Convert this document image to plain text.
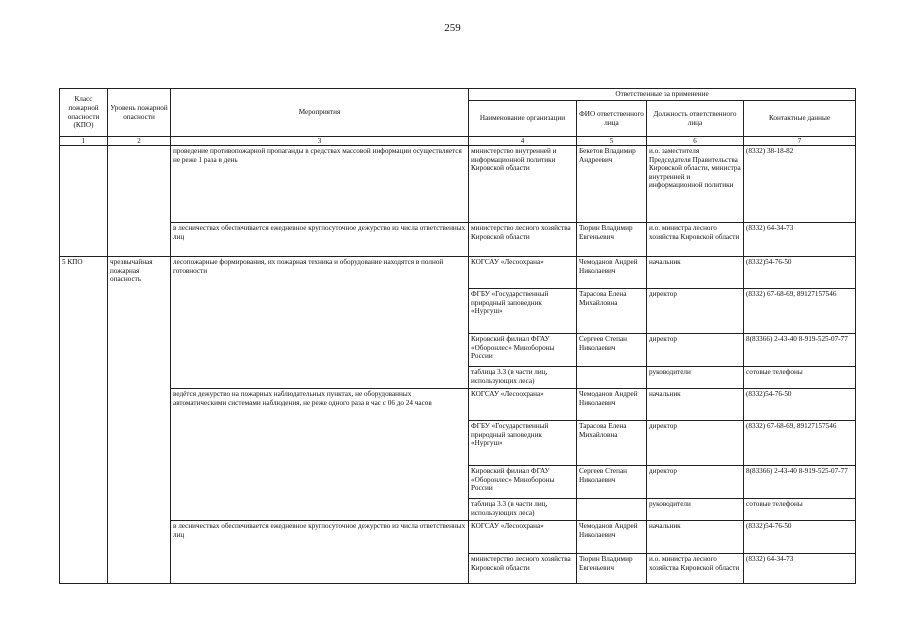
259
Класс пожарной опасности (КПО)	Уровень пожарной опасности	Мероприятия	Ответственные за применение			
			Наименование организации	ФИО ответственного лица	Должность ответственного лица	Контактные данные
1	2	3	4	5	6	7
		проведение противопожарной пропаганды в средствах массовой информации осуществляется не реже 1 раза в день	министерство внутренней и информационной политики Кировской области	Бекетов Владимир Андреевич	и.о. заместителя Председателя Правительства Кировской области, министра внутренней и информационной политики	(8332) 38-18-82
		в лесничествах обеспечивается ежедневное круглосуточное дежурство из числа ответственных лиц	министерство лесного хозяйства Кировской области	Тюрин Владимир Евгеньевич	и.о. министра лесного хозяйства Кировской области	(8332) 64-34-73
5 КПО	чрезвычайная пожарная опасность	лесопожарные формирования, их пожарная техника и оборудование находятся в полной готовности	КОГСАУ «Лесоохрана»	Чемоданов Андрей Николаевич	начальник	(8332)54-76-50
			ФГБУ «Государственный природный заповедник «Нургуш»	Тарасова Елена Михайловна	директор	(8332) 67-68-69, 89127157546
			Кировский филиал ФГАУ «Оборонлес» Минобороны России	Сергеев Степан Николаевич	директор	8(83366) 2-43-40 8-919-525-07-77
			таблица 3.3 (в части лиц, использующих леса)		руководители	сотовые телефоны
		ведётся дежурство на пожарных наблюдательных пунктах, не оборудованных автоматическими системами наблюдения, не реже одного раза в час с 06 до 24 часов	КОГСАУ «Лесоохрана»	Чемоданов Андрей Николаевич	начальник	(8332)54-76-50
			ФГБУ «Государственный природный заповедник «Нургуш»	Тарасова Елена Михайловна	директор	(8332) 67-68-69, 89127157546
			Кировский филиал ФГАУ «Оборонлес» Минобороны России	Сергеев Степан Николаевич	директор	8(83366) 2-43-40 8-919-525-07-77
			таблица 3.3 (в части лиц, использующих леса)		руководители	сотовые телефоны
		в лесничествах обеспечивается ежедневное круглосуточное дежурство из числа ответственных лиц	КОГСАУ «Лесоохрана»	Чемоданов Андрей Николаевич	начальник	(8332)54-76-50
			министерство лесного хозяйства Кировской области	Тюрин Владимир Евгеньевич	и.о. министра лесного хозяйства Кировской области	(8332) 64-34-73
